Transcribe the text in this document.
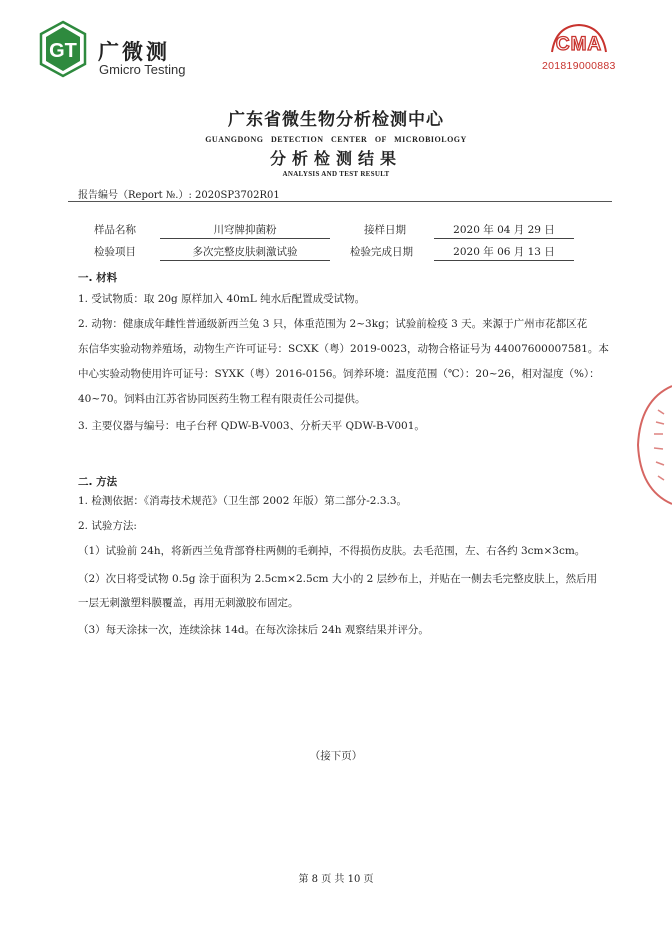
GT 广微测
Gmicro Testing
CMA
201819000883
广东省微生物分析检测中心
GUANGDONG   DETECTION   CENTER   OF   MICROBIOLOGY
分析检测结果
ANALYSIS AND TEST RESULT
报告编号（Report №.）: 2020SP3702R01
样品名称	川穹牌抑菌粉	接样日期	2020 年 04 月 29 日
检验项目	多次完整皮肤刺激试验	检验完成日期	2020 年 06 月 13 日
一. 材料
1. 受试物质：取 20g 原样加入 40mL 纯水后配置成受试物。
2. 动物：健康成年雌性普通级新西兰兔 3 只，体重范围为 2~3kg；试验前检疫 3 天。来源于广州市花都区花
东信华实验动物养殖场，动物生产许可证号：SCXK（粤）2019-0023，动物合格证号为 44007600007581。本
中心实验动物使用许可证号：SYXK（粤）2016-0156。饲养环境：温度范围（℃）：20~26，相对湿度（%）：
40~70。饲料由江苏省协同医药生物工程有限责任公司提供。
3. 主要仪器与编号：电子台秤 QDW-B-V003、分析天平 QDW-B-V001。
二. 方法
1. 检测依据：《消毒技术规范》（卫生部 2002 年版）第二部分-2.3.3。
2. 试验方法:
（1）试验前 24h，将新西兰兔背部脊柱两侧的毛剃掉，不得损伤皮肤。去毛范围，左、右各约 3cm×3cm。
（2）次日将受试物 0.5g 涂于面积为 2.5cm×2.5cm 大小的 2 层纱布上，并贴在一侧去毛完整皮肤上，然后用
一层无刺激塑料膜覆盖，再用无刺激胶布固定。
（3）每天涂抹一次，连续涂抹 14d。在每次涂抹后 24h 观察结果并评分。
（接下页）
第 8 页 共 10 页
